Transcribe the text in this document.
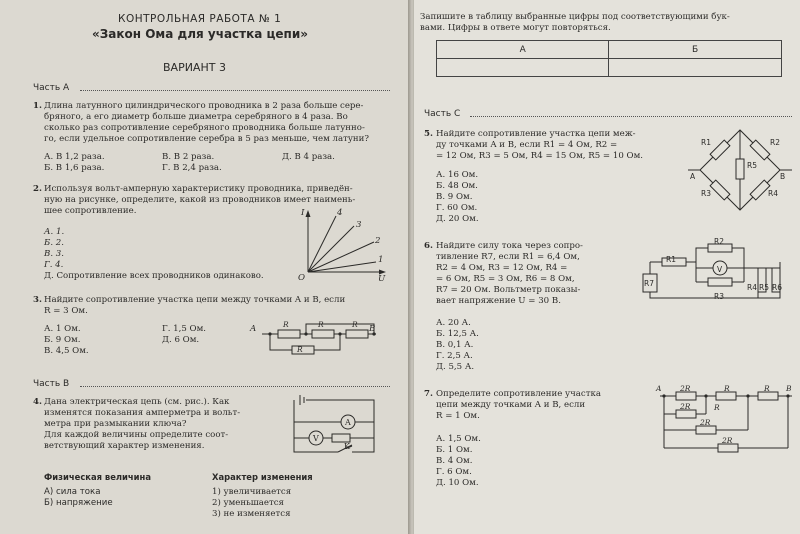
КОНТРОЛЬНАЯ РАБОТА № 1
«Закон Ома для участка цепи»
ВАРИАНТ 3
Часть А
1. Длина латунного цилиндрического проводника в 2 раза больше сере-
бряного, а его диаметр больше диаметра серебряного в 4 раза. Во
сколько раз сопротивление серебряного проводника больше латунно-
го, если удельное сопротивление серебра в 5 раз меньше, чем латуни?
А. В 1,2 раза.
Б. В 1,6 раза.
В. В 2 раза.
Г. В 2,4 раза.
Д. В 4 раза.
2. Используя вольт-амперную характеристику проводника, приведён-
ную на рисунке, определите, какой из проводников имеет наимень-
шее сопротивление.
А. 1.
Б. 2.
В. 3.
Г. 4.
Д. Сопротивление всех проводников одинаково.
I
U
O
1
2
3
4
3. Найдите сопротивление участка цепи между точками A и B, если
R = 3 Ом.
А. 1 Ом.
Б. 9 Ом.
В. 4,5 Ом.
Г. 1,5 Ом.
Д. 6 Ом.
A	B
R	R	R
R
Часть В
4. Дана электрическая цепь (см. рис.). Как
изменятся показания амперметра и вольт-
метра при размыкании ключа?
Для каждой величины определите соот-
ветствующий характер изменения.
A
V
K
Физическая величина
А) сила тока
Б) напряжение
Характер изменения
1) увеличивается
2) уменьшается
3) не изменяется
Запишите в таблицу выбранные цифры под соответствующими бук-
вами. Цифры в ответе могут повторяться.
А	Б

Часть С
5. Найдите сопротивление участка цепи меж-
ду точками A и B, если R1 = 4 Ом, R2 =
= 12 Ом, R3 = 5 Ом, R4 = 15 Ом, R5 = 10 Ом.
А. 16 Ом.
Б. 48 Ом.
В. 9 Ом.
Г. 60 Ом.
Д. 20 Ом.
R1	R2
R5
R3	R4
A	B
6. Найдите силу тока через сопро-
тивление R7, если R1 = 6,4 Ом,
R2 = 4 Ом, R3 = 12 Ом, R4 =
= 6 Ом, R5 = 3 Ом, R6 = 8 Ом,
R7 = 20 Ом. Вольтметр показы-
вает напряжение U = 30 В.
А. 20 А.
Б. 12,5 А.
В. 0,1 А.
Г. 2,5 А.
Д. 5,5 А.
R2
R1
V
R7
R3
R4 R5 R6
7. Определите сопротивление участка
цепи между точками A и B, если
R = 1 Ом.
А. 1,5 Ом.
Б. 1 Ом.
В. 4 Ом.
Г. 6 Ом.
Д. 10 Ом.
A 2R	R	R B
2R	R
2R
2R
